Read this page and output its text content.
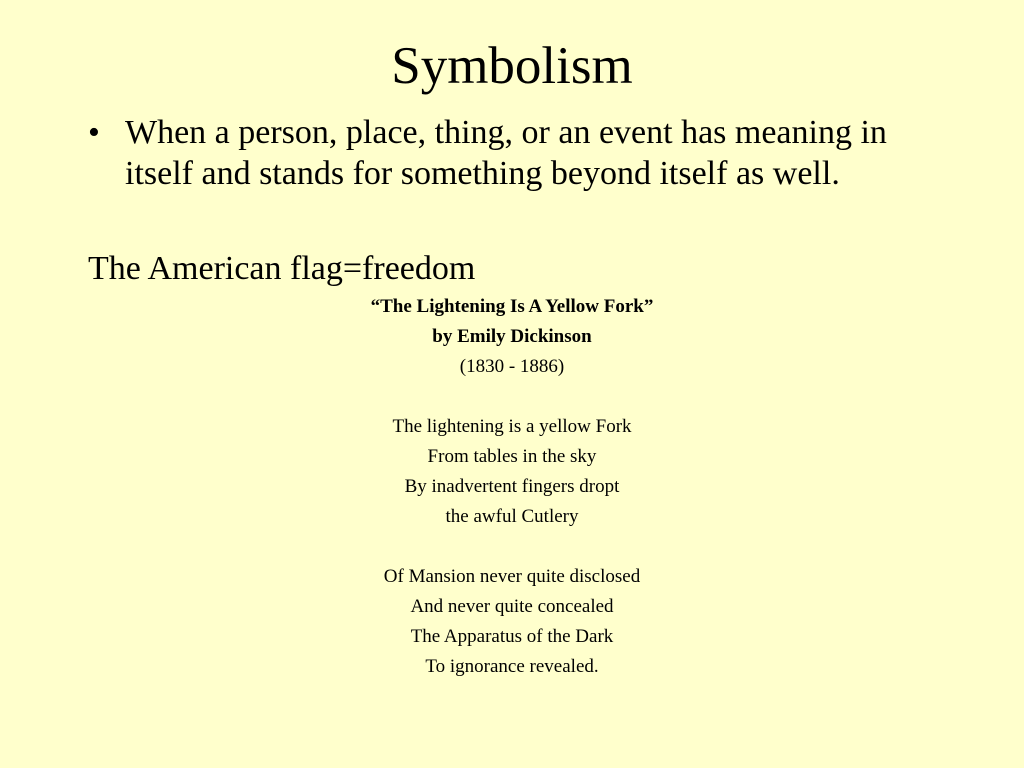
Symbolism
• When a person, place, thing, or an event has meaning in itself and stands for something beyond itself as well.
The American flag=freedom
“The Lightening Is A Yellow Fork”
by Emily Dickinson
(1830 - 1886)
The lightening is a yellow Fork
From tables in the sky
By inadvertent fingers dropt
the awful Cutlery
Of Mansion never quite disclosed
And never quite concealed
The Apparatus of the Dark
To ignorance revealed.
